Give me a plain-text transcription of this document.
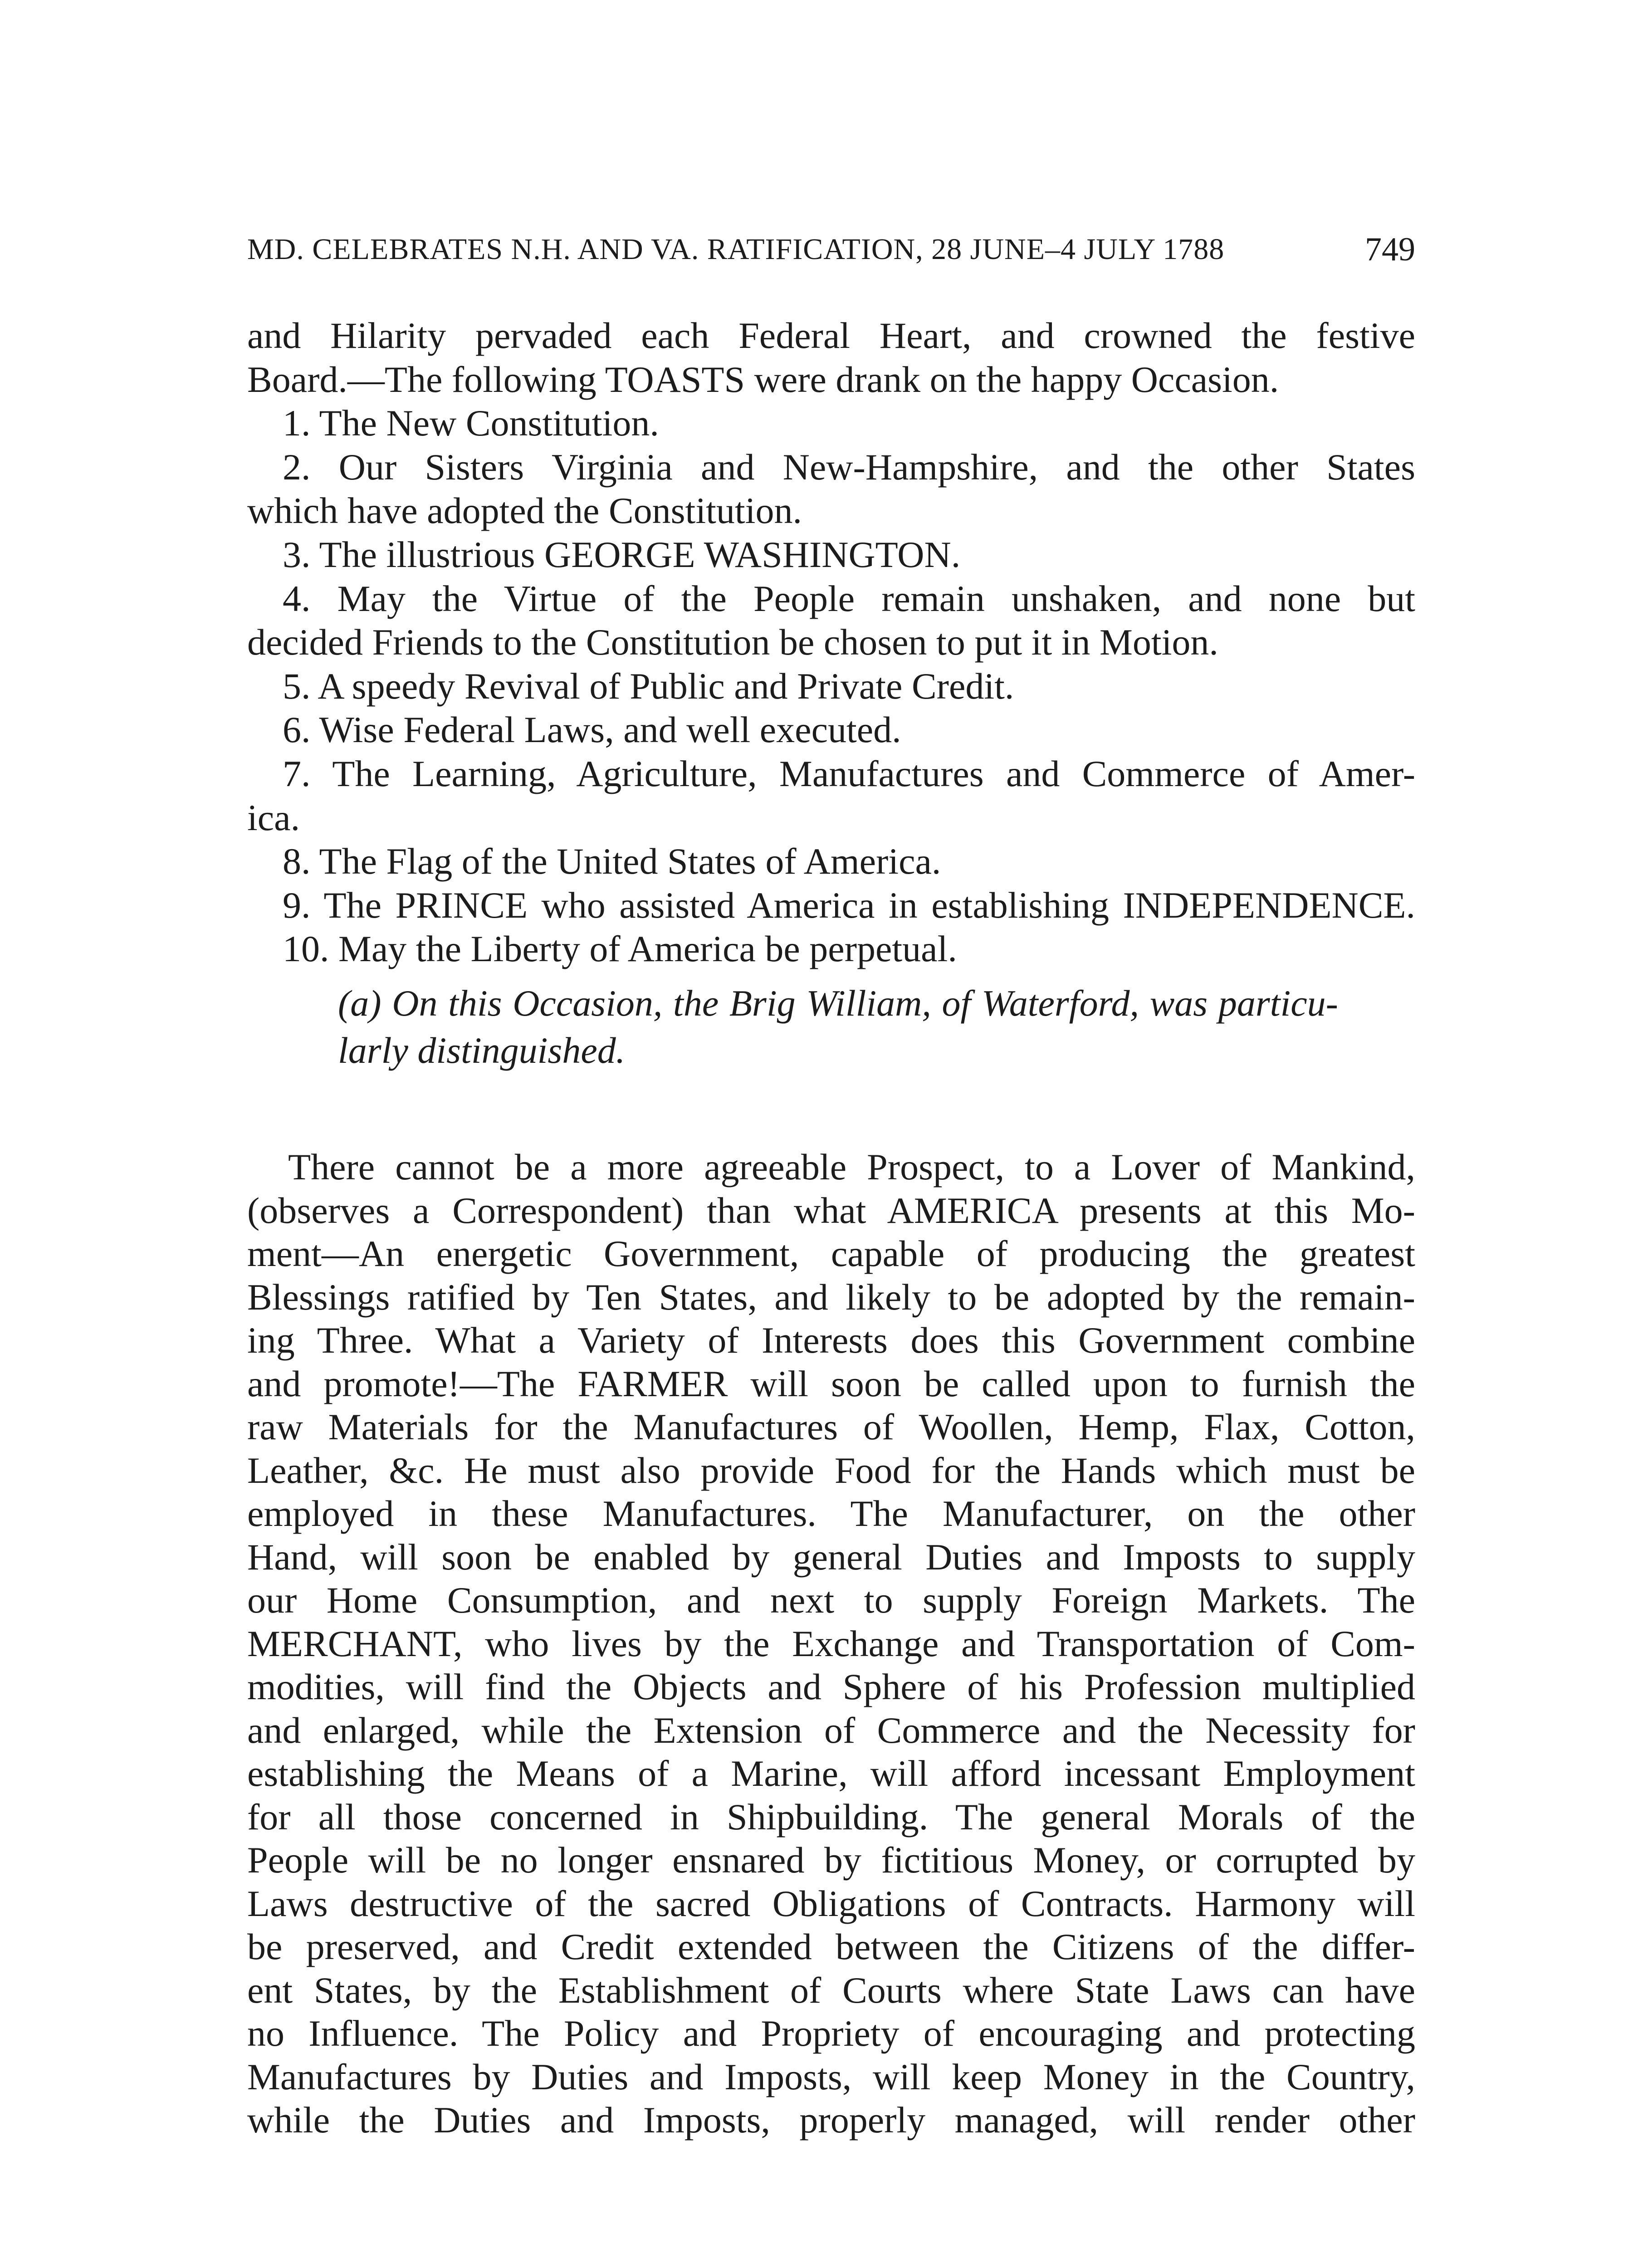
MD. CELEBRATES N.H. AND VA. RATIFICATION, 28 JUNE–4 JULY 1788	749
and Hilarity pervaded each Federal Heart, and crowned the festive
Board.—The following TOASTS were drank on the happy Occasion.
1. The New Constitution.
2. Our Sisters Virginia and New-Hampshire, and the other States
which have adopted the Constitution.
3. The illustrious GEORGE WASHINGTON.
4. May the Virtue of the People remain unshaken, and none but
decided Friends to the Constitution be chosen to put it in Motion.
5. A speedy Revival of Public and Private Credit.
6. Wise Federal Laws, and well executed.
7. The Learning, Agriculture, Manufactures and Commerce of Amer-
ica.
8. The Flag of the United States of America.
9. The PRINCE who assisted America in establishing INDEPENDENCE.
10. May the Liberty of America be perpetual.
(a) On this Occasion, the Brig William, of Waterford, was particu-
larly distinguished.
There cannot be a more agreeable Prospect, to a Lover of Mankind,
(observes a Correspondent) than what AMERICA presents at this Mo-
ment—An energetic Government, capable of producing the greatest
Blessings ratified by Ten States, and likely to be adopted by the remain-
ing Three. What a Variety of Interests does this Government combine
and promote!—The FARMER will soon be called upon to furnish the
raw Materials for the Manufactures of Woollen, Hemp, Flax, Cotton,
Leather, &c. He must also provide Food for the Hands which must be
employed in these Manufactures. The Manufacturer, on the other
Hand, will soon be enabled by general Duties and Imposts to supply
our Home Consumption, and next to supply Foreign Markets. The
MERCHANT, who lives by the Exchange and Transportation of Com-
modities, will find the Objects and Sphere of his Profession multiplied
and enlarged, while the Extension of Commerce and the Necessity for
establishing the Means of a Marine, will afford incessant Employment
for all those concerned in Shipbuilding. The general Morals of the
People will be no longer ensnared by fictitious Money, or corrupted by
Laws destructive of the sacred Obligations of Contracts. Harmony will
be preserved, and Credit extended between the Citizens of the differ-
ent States, by the Establishment of Courts where State Laws can have
no Influence. The Policy and Propriety of encouraging and protecting
Manufactures by Duties and Imposts, will keep Money in the Country,
while the Duties and Imposts, properly managed, will render other
